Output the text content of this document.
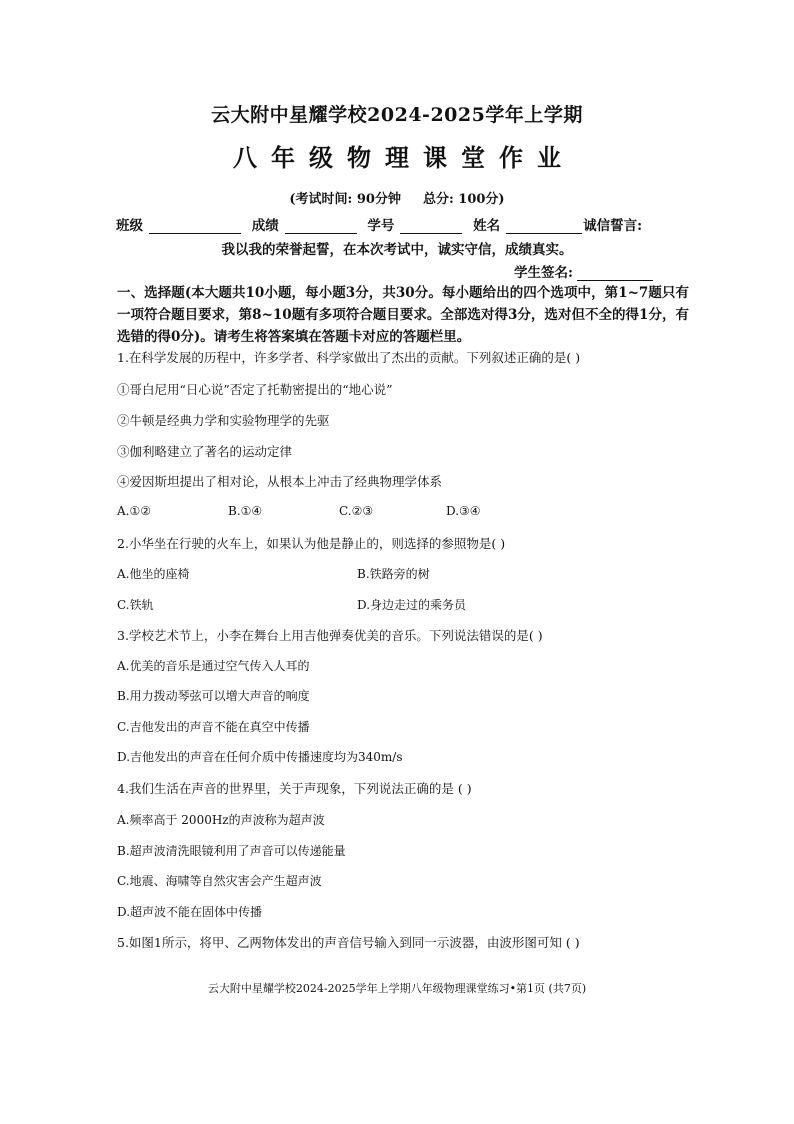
云大附中星耀学校2024-2025学年上学期
八年级物理课堂作业
(考试时间: 90分钟 总分: 100分)
班级	成绩	学号	姓名	诚信誓言:
我以我的荣誉起誓，在本次考试中，诚实守信，成绩真实。
学生签名:
一、选择题(本大题共10小题，每小题3分，共30分。每小题给出的四个选项中，第1~7题只有一项符合题目要求，第8~10题有多项符合题目要求。全部选对得3分，选对但不全的得1分，有选错的得0分)。请考生将答案填在答题卡对应的答题栏里。
1.在科学发展的历程中，许多学者、科学家做出了杰出的贡献。下列叙述正确的是( )
①哥白尼用“日心说”否定了托勒密提出的“地心说”
②牛顿是经典力学和实验物理学的先驱
③伽利略建立了著名的运动定律
④爱因斯坦提出了相对论，从根本上冲击了经典物理学体系
A.①②	B.①④	C.②③	D.③④
2.小华坐在行驶的火车上，如果认为他是静止的，则选择的参照物是( )
A.他坐的座椅	B.铁路旁的树
C.铁轨	D.身边走过的乘务员
3.学校艺术节上，小李在舞台上用吉他弹奏优美的音乐。下列说法错误的是( )
A.优美的音乐是通过空气传入人耳的
B.用力拨动琴弦可以增大声音的响度
C.吉他发出的声音不能在真空中传播
D.吉他发出的声音在任何介质中传播速度均为340m/s
4.我们生活在声音的世界里，关于声现象，下列说法正确的是 ( )
A.频率高于 2000Hz的声波称为超声波
B.超声波清洗眼镜利用了声音可以传递能量
C.地震、海啸等自然灾害会产生超声波
D.超声波不能在固体中传播
5.如图1所示，将甲、乙两物体发出的声音信号输入到同一示波器，由波形图可知 ( )
云大附中星耀学校2024-2025学年上学期八年级物理课堂练习•第1页 (共7页)
